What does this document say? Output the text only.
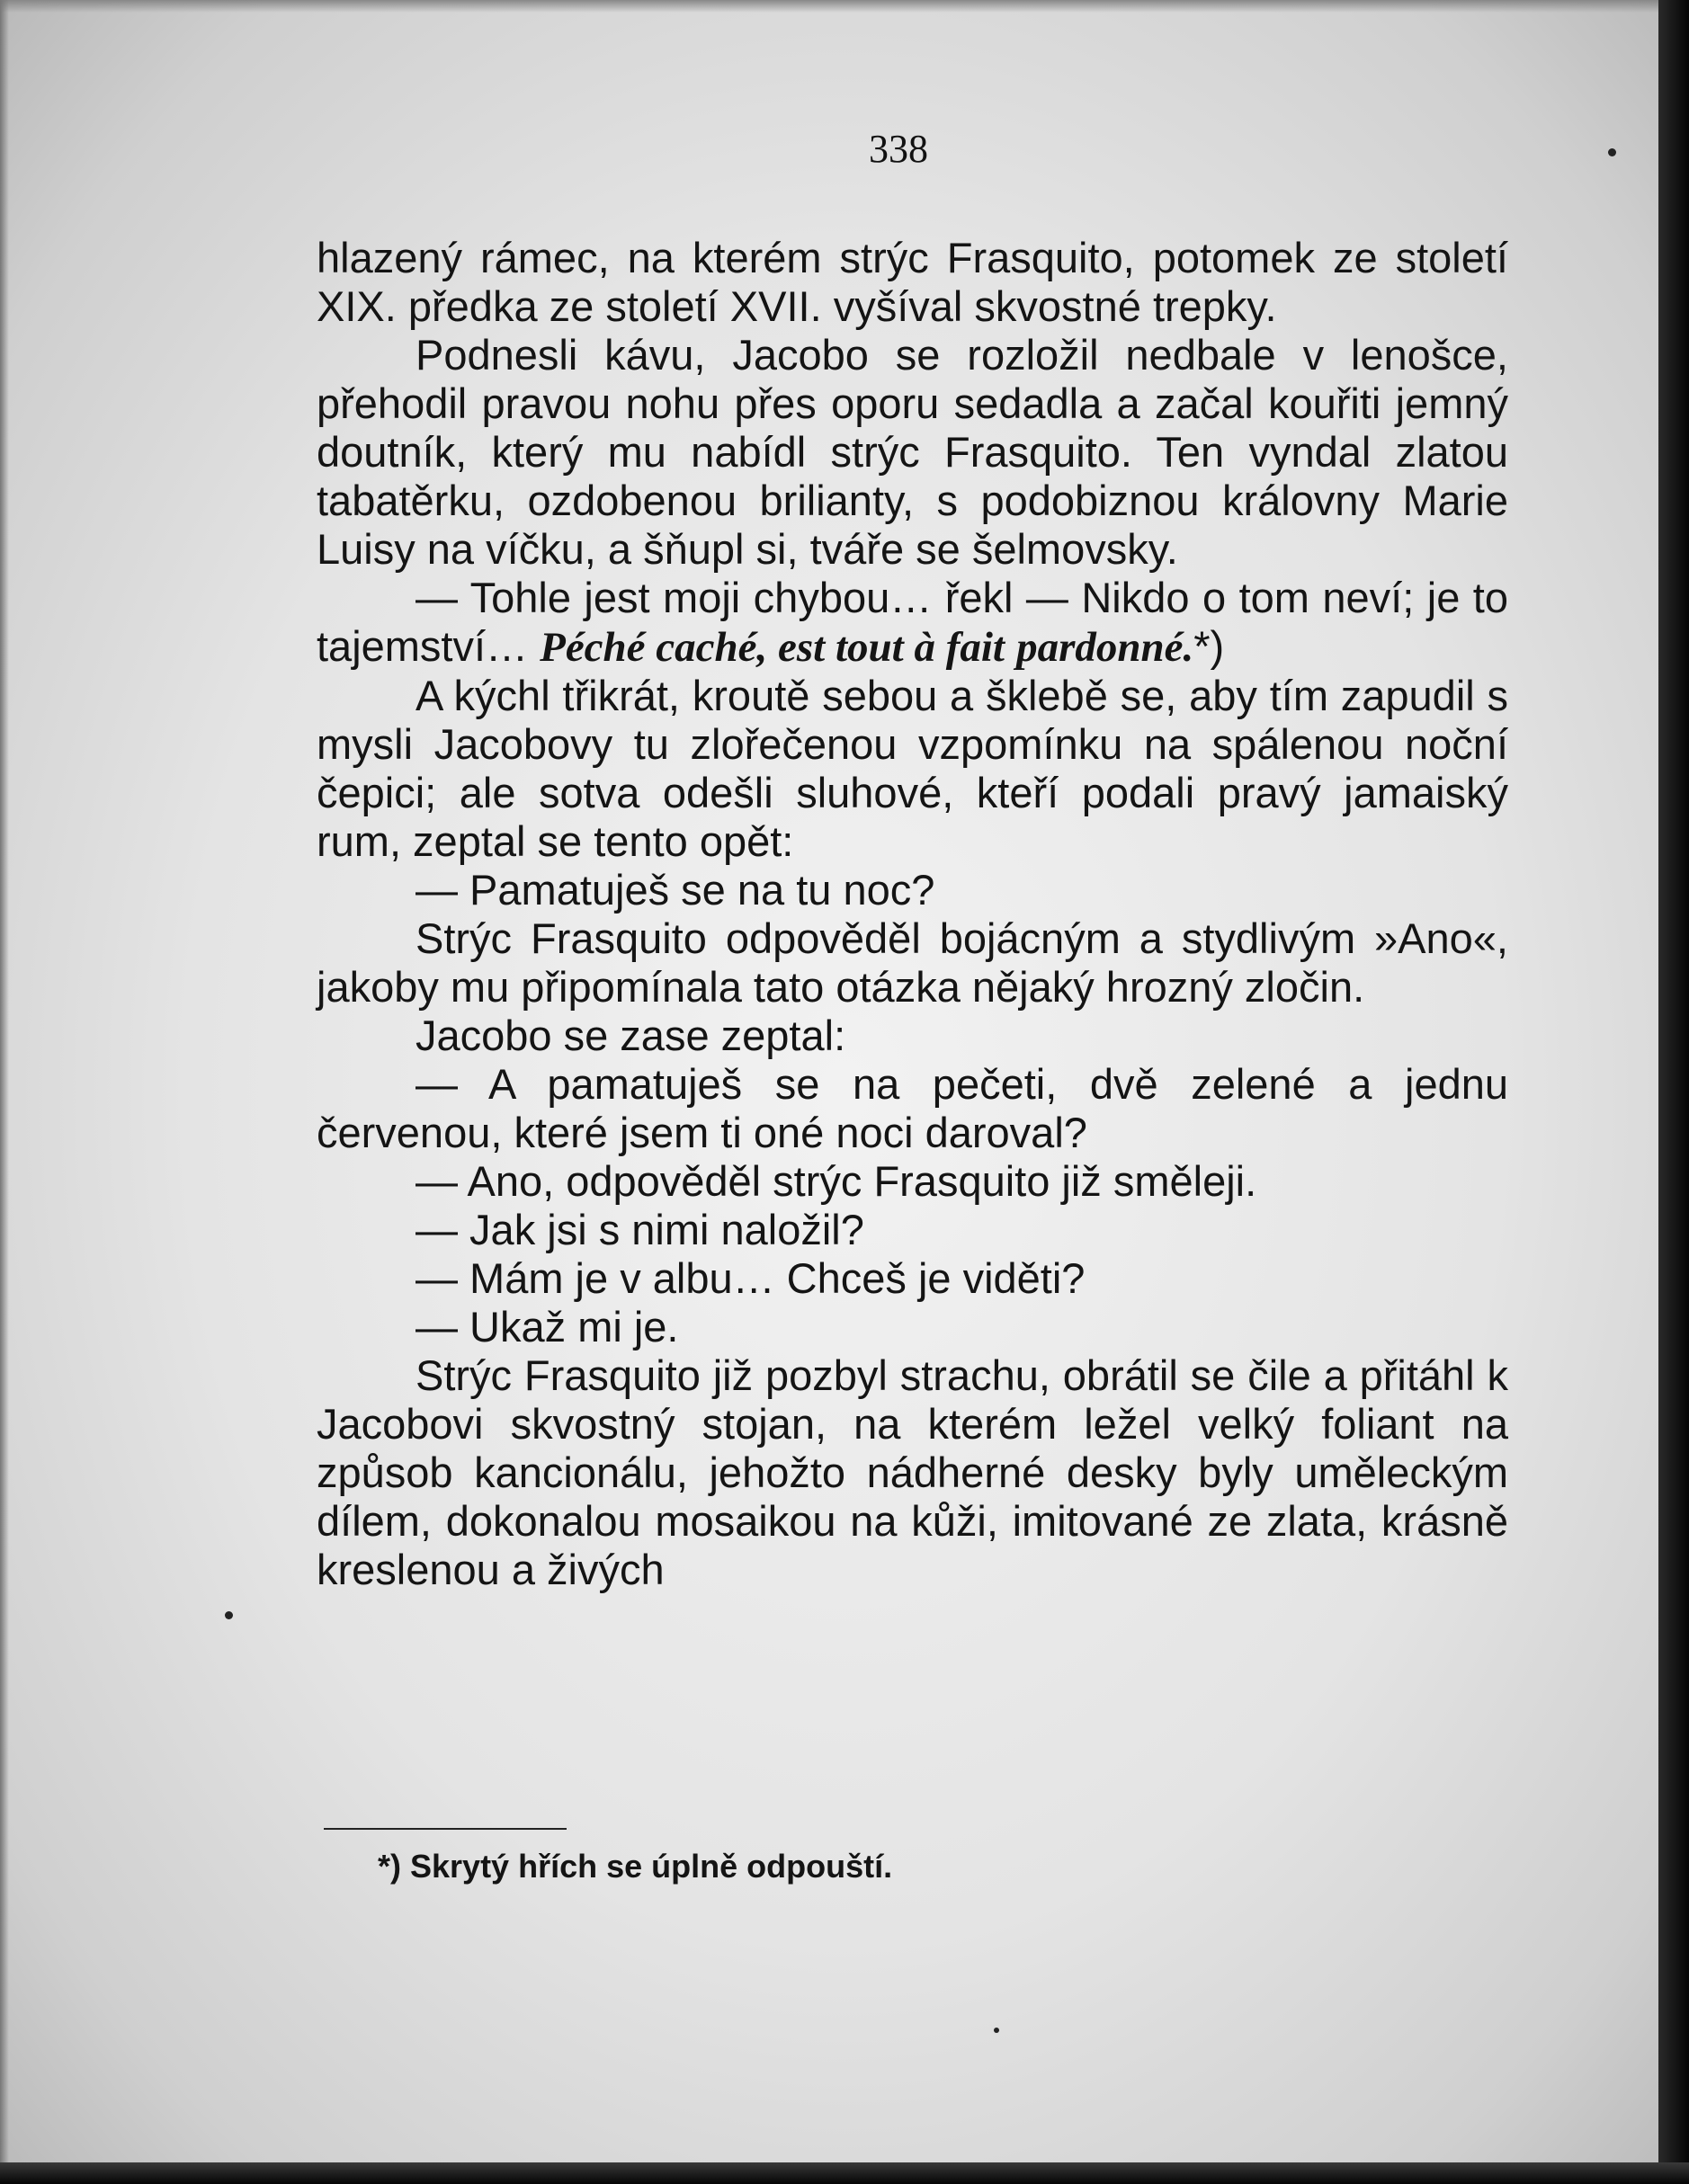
338

hlazený rámec, na kterém strýc Frasquito, potomek ze století XIX. předka ze století XVII. vyšíval skvostné trepky.

Podnesli kávu, Jacobo se rozložil nedbale v lenošce, přehodil pravou nohu přes oporu sedadla a začal kouřiti jemný doutník, který mu nabídl strýc Frasquito. Ten vyndal zlatou tabatěrku, ozdobenou brilianty, s podobiznou královny Marie Luisy na víčku, a šňupl si, tváře se šelmovsky.

— Tohle jest moji chybou… řekl — Nikdo o tom neví; je to tajemství… Péché caché, est tout à fait pardonné.*)

A kýchl třikrát, kroutě sebou a šklebě se, aby tím zapudil s mysli Jacobovy tu zlořečenou vzpomínku na spálenou noční čepici; ale sotva odešli sluhové, kteří podali pravý jamaiský rum, zeptal se tento opět:

— Pamatuješ se na tu noc?

Strýc Frasquito odpověděl bojácným a stydlivým »Ano«, jakoby mu připomínala tato otázka nějaký hrozný zločin.

Jacobo se zase zeptal:

— A pamatuješ se na pečeti, dvě zelené a jednu červenou, které jsem ti oné noci daroval?

— Ano, odpověděl strýc Frasquito již směleji.

— Jak jsi s nimi naložil?

— Mám je v albu… Chceš je viděti?

— Ukaž mi je.

Strýc Frasquito již pozbyl strachu, obrátil se čile a přitáhl k Jacobovi skvostný stojan, na kterém ležel velký foliant na způsob kancionálu, jehožto nádherné desky byly uměleckým dílem, dokonalou mosaikou na kůži, imitované ze zlata, krásně kreslenou a živých

*) Skrytý hřích se úplně odpouští.
